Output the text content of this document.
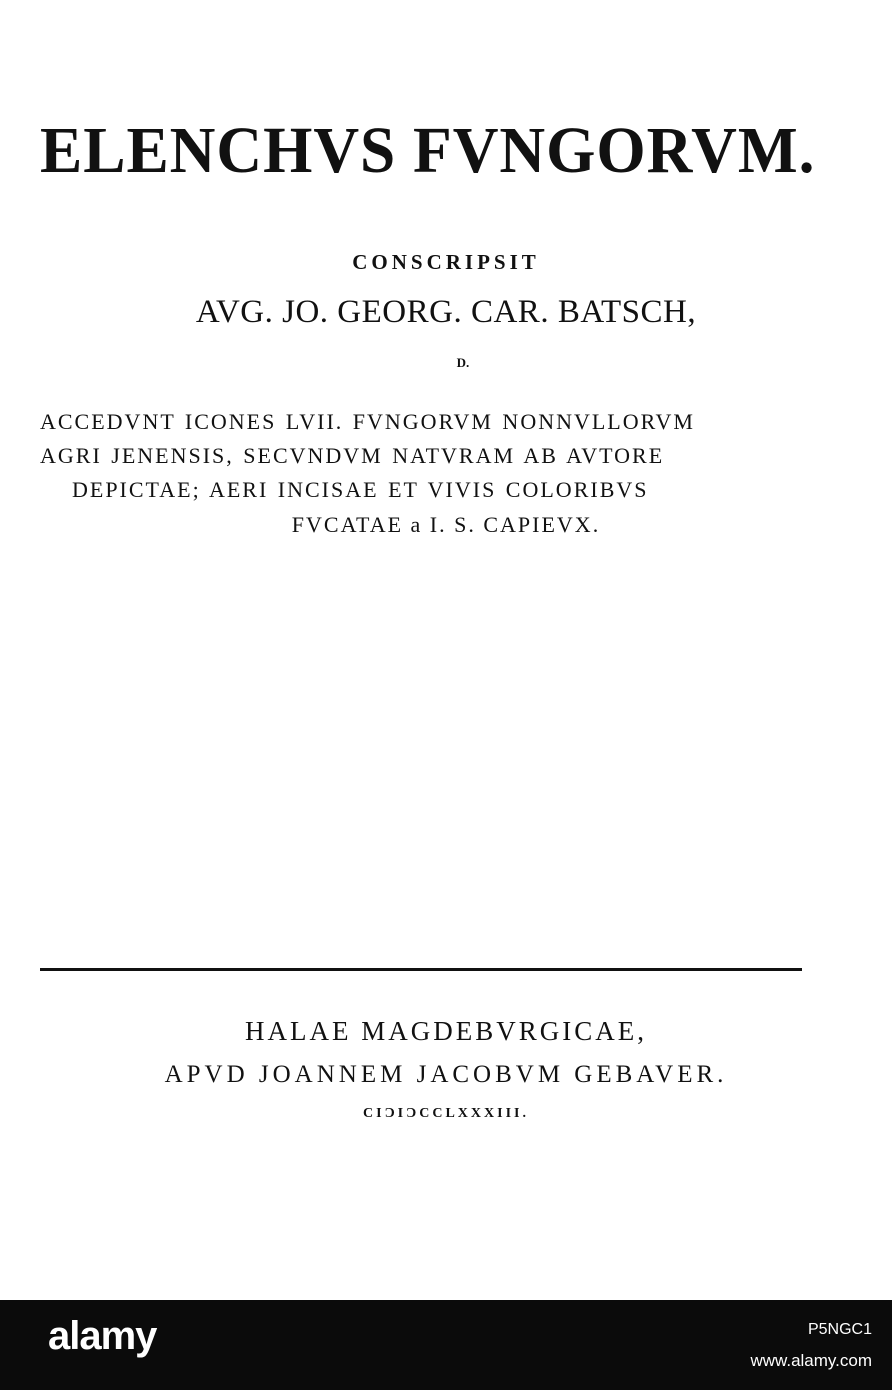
ELENCHVS FVNGORVM.

CONSCRIPSIT

AVG. JO. GEORG. CAR. BATSCH,

D.

ACCEDVNT ICONES LVII. FVNGORVM NONNVLLORVM

AGRI JENENSIS, SECVNDVM NATVRAM AB AVTORE

DEPICTAE; AERI INCISAE ET VIVIS COLORIBVS

FVCATAE a I. S. CAPIEVX.

HALAE MAGDEBVRGICAE,

APVD JOANNEM JACOBVM GEBAVER.

CIƆIƆCCLXXXIII.

alamy	P5NGC1
www.alamy.com
